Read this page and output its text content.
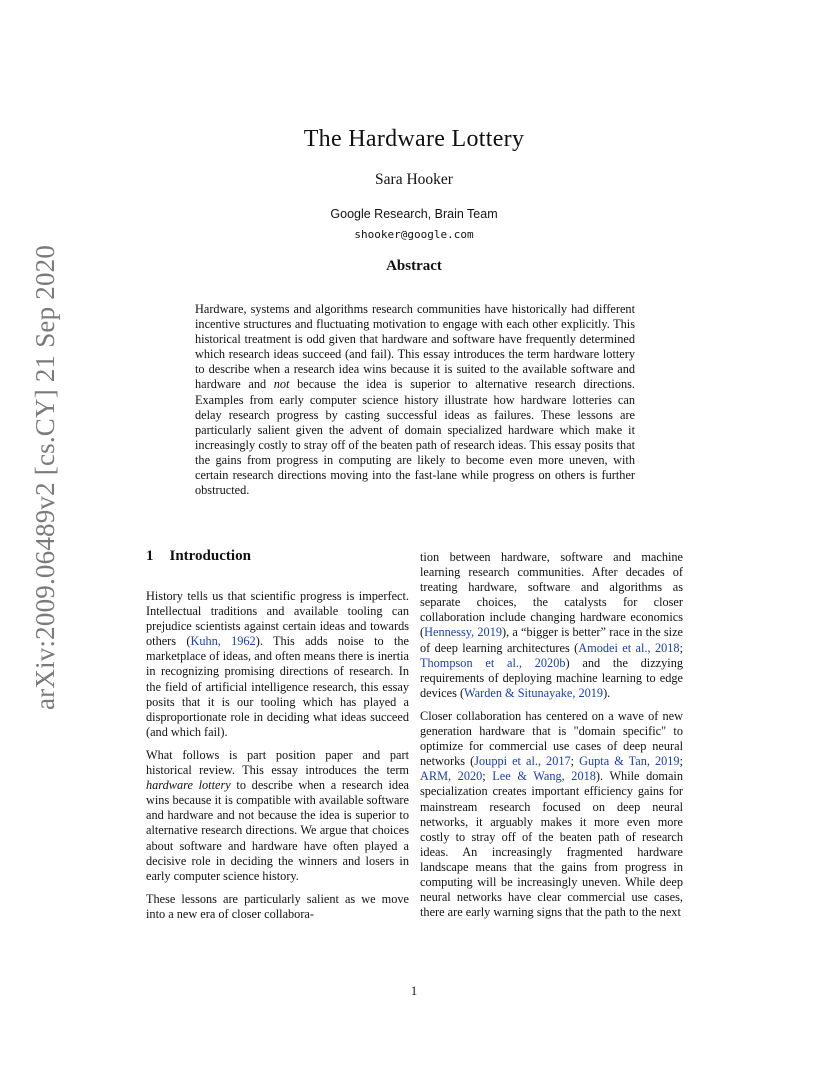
arXiv:2009.06489v2 [cs.CY] 21 Sep 2020
The Hardware Lottery
Sara Hooker
Google Research, Brain Team
shooker@google.com
Abstract
Hardware, systems and algorithms research communities have historically had different incentive structures and fluctuating motivation to engage with each other explicitly. This historical treatment is odd given that hardware and software have frequently determined which research ideas succeed (and fail). This essay introduces the term hardware lottery to describe when a research idea wins because it is suited to the available software and hardware and not because the idea is superior to alternative research directions. Examples from early computer science history illustrate how hardware lotteries can delay research progress by casting successful ideas as failures. These lessons are particularly salient given the advent of domain specialized hardware which make it increasingly costly to stray off of the beaten path of research ideas. This essay posits that the gains from progress in computing are likely to become even more uneven, with certain research directions moving into the fast-lane while progress on others is further obstructed.
1 Introduction

History tells us that scientific progress is imperfect. Intellectual traditions and available tooling can prejudice scientists against certain ideas and towards others (Kuhn, 1962). This adds noise to the marketplace of ideas, and often means there is inertia in recognizing promising directions of research. In the field of artificial intelligence research, this essay posits that it is our tooling which has played a disproportionate role in deciding what ideas succeed (and which fail).

What follows is part position paper and part historical review. This essay introduces the term hardware lottery to describe when a research idea wins because it is compatible with available software and hardware and not because the idea is superior to alternative research directions. We argue that choices about software and hardware have often played a decisive role in deciding the winners and losers in early computer science history.

These lessons are particularly salient as we move into a new era of closer collabora-

tion between hardware, software and machine learning research communities. After decades of treating hardware, software and algorithms as separate choices, the catalysts for closer collaboration include changing hardware economics (Hennessy, 2019), a “bigger is better” race in the size of deep learning architectures (Amodei et al., 2018; Thompson et al., 2020b) and the dizzying requirements of deploying machine learning to edge devices (Warden & Situnayake, 2019).

Closer collaboration has centered on a wave of new generation hardware that is "domain specific" to optimize for commercial use cases of deep neural networks (Jouppi et al., 2017; Gupta & Tan, 2019; ARM, 2020; Lee & Wang, 2018). While domain specialization creates important efficiency gains for mainstream research focused on deep neural networks, it arguably makes it more even more costly to stray off of the beaten path of research ideas. An increasingly fragmented hardware landscape means that the gains from progress in computing will be increasingly uneven. While deep neural networks have clear commercial use cases, there are early warning signs that the path to the next

1
